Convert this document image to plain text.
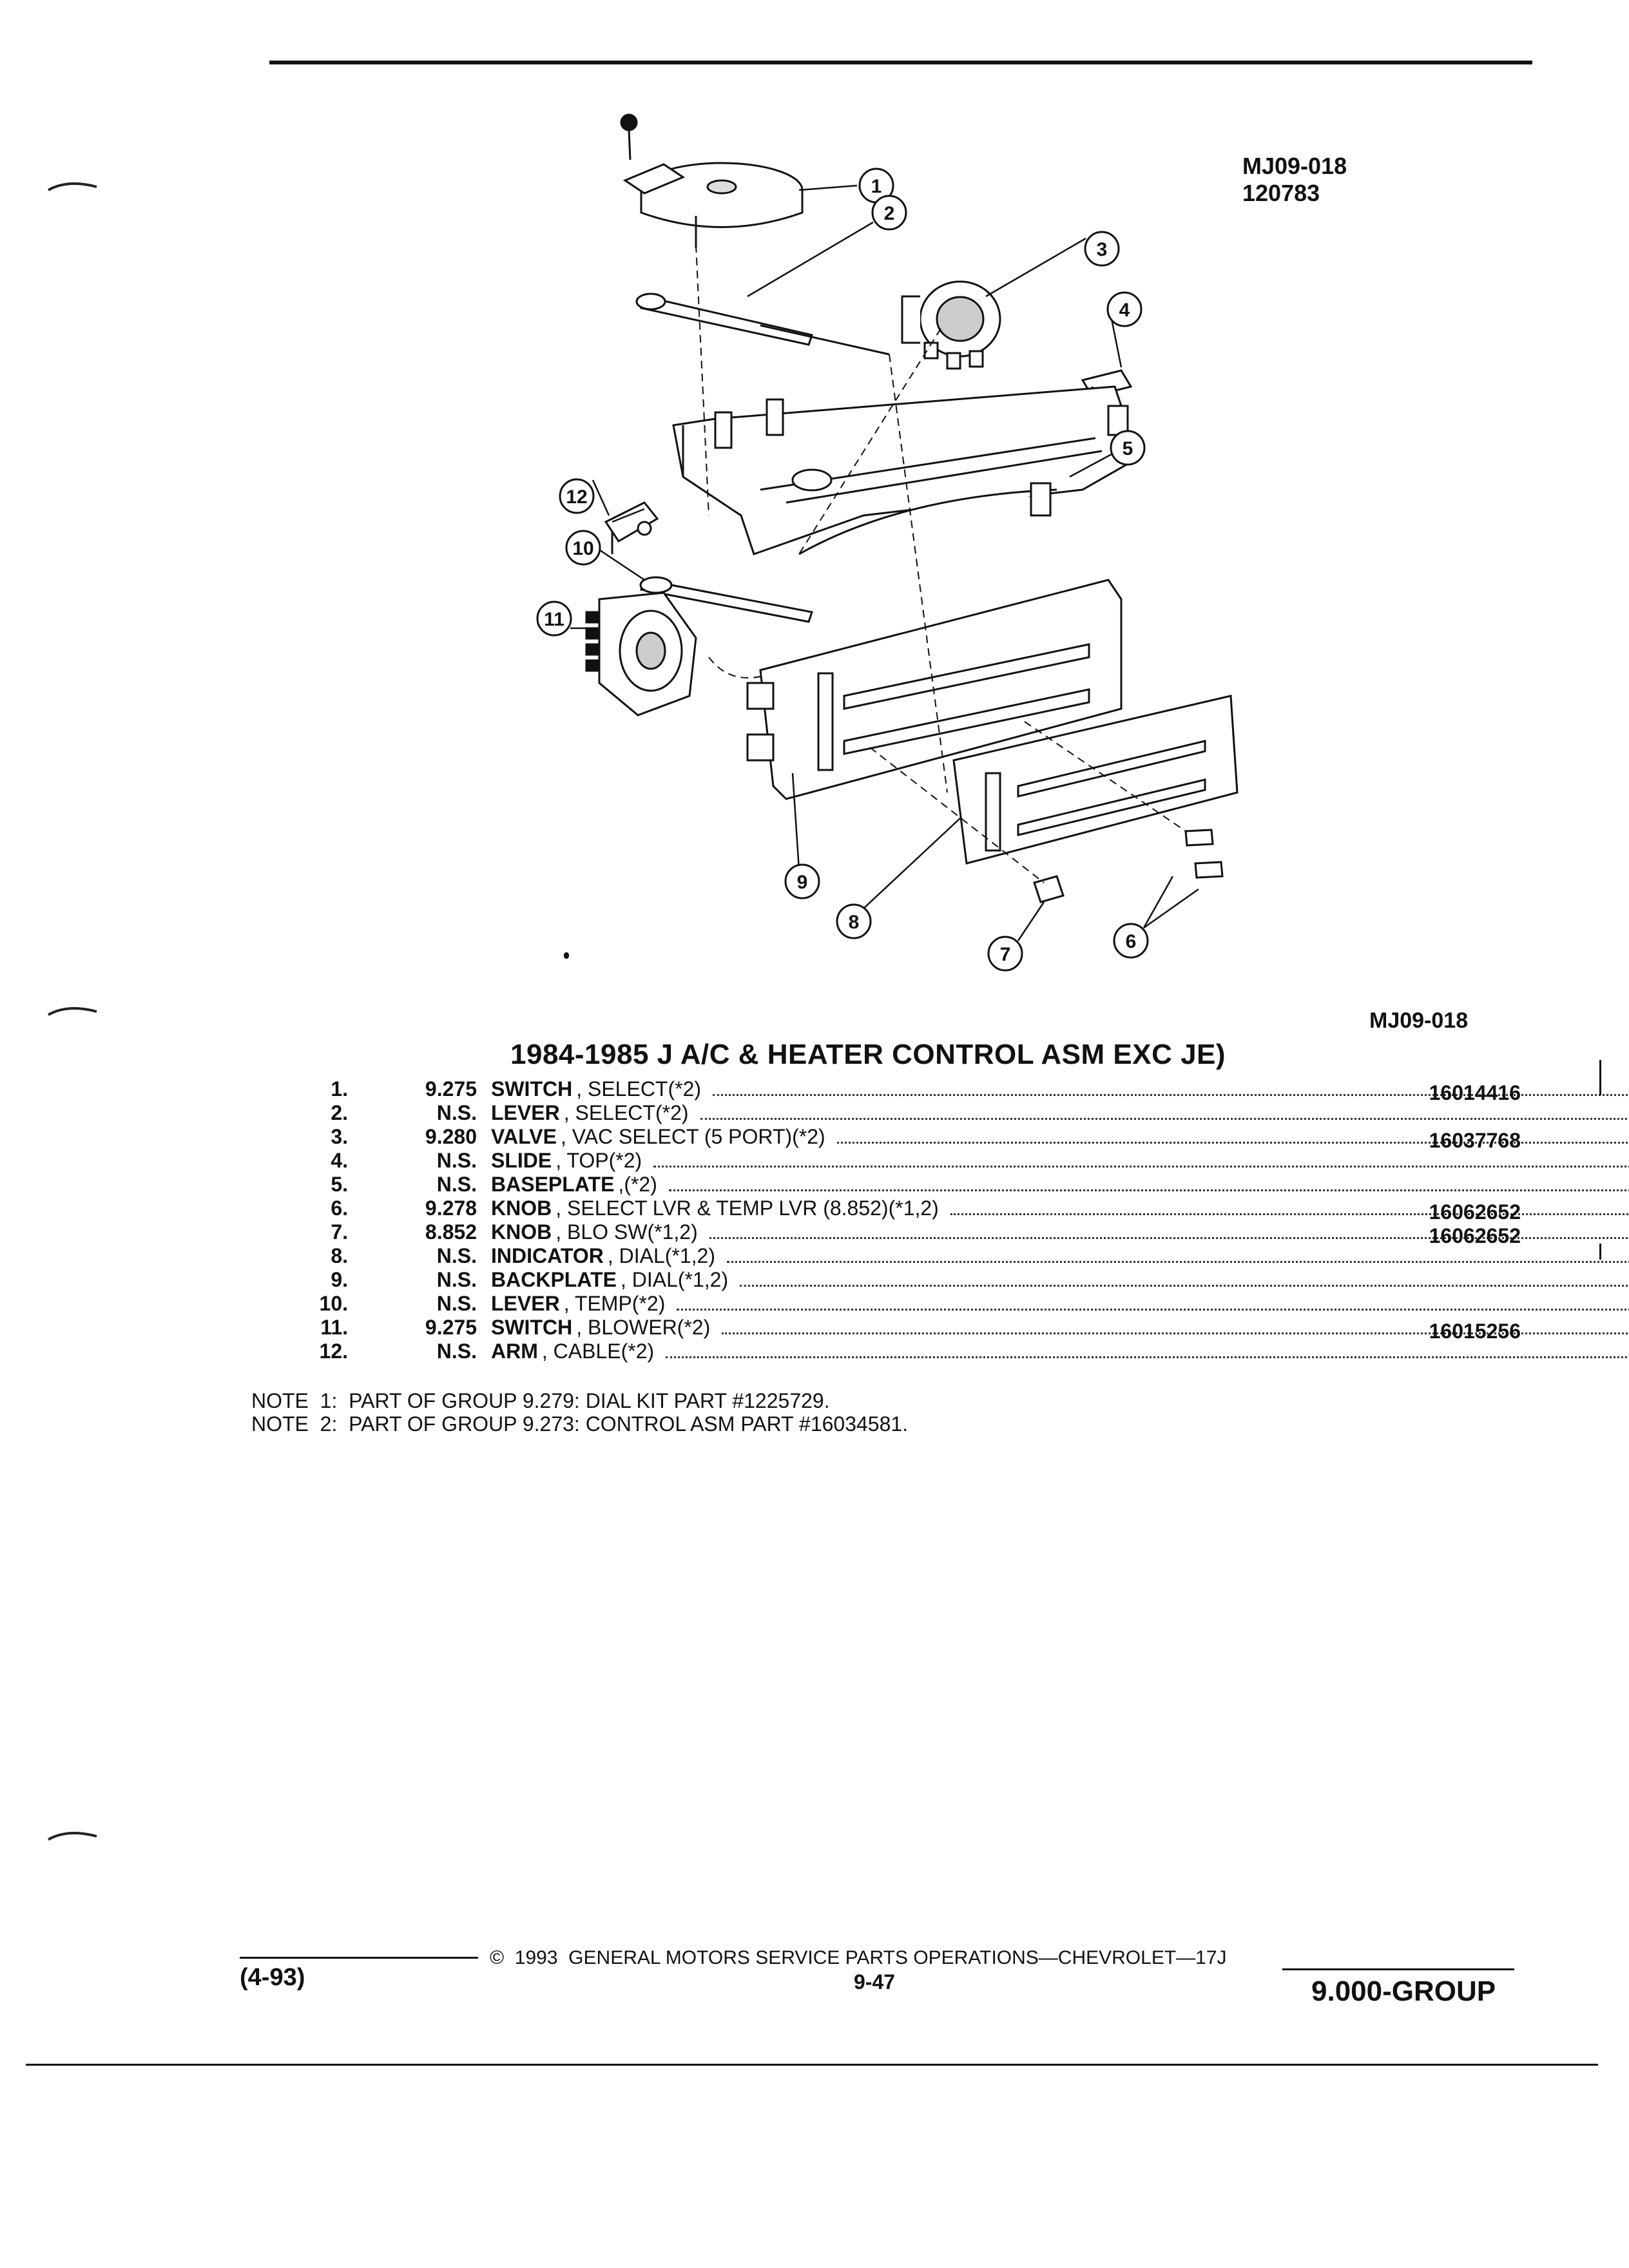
MJ09-018
120783
1
2
3
4
5
6
7
8
9
10
11
12
MJ09-018
1984-1985 J A/C & HEATER CONTROL ASM EXC JE)
1.	9.275 SWITCH , SELECT(*2)	16014416
2.	N.S. LEVER , SELECT(*2)
3.	9.280 VALVE , VAC SELECT (5 PORT)(*2)	16037768
4.	N.S. SLIDE , TOP(*2)
5.	N.S. BASEPLATE ,(*2)
6.	9.278 KNOB , SELECT LVR & TEMP LVR (8.852)(*1,2)	16062652
7.	8.852 KNOB , BLO SW(*1,2)	16062652
8.	N.S. INDICATOR , DIAL(*1,2)
9.	N.S. BACKPLATE , DIAL(*1,2)
10.	N.S. LEVER , TEMP(*2)
11.	9.275 SWITCH , BLOWER(*2)	16015256
12.	N.S. ARM , CABLE(*2)
NOTE  1:  PART OF GROUP 9.279: DIAL KIT PART #1225729.
NOTE  2:  PART OF GROUP 9.273: CONTROL ASM PART #16034581.
©  1993  GENERAL MOTORS SERVICE PARTS OPERATIONS—CHEVROLET—17J
(4-93)	9-47	9.000-GROUP
